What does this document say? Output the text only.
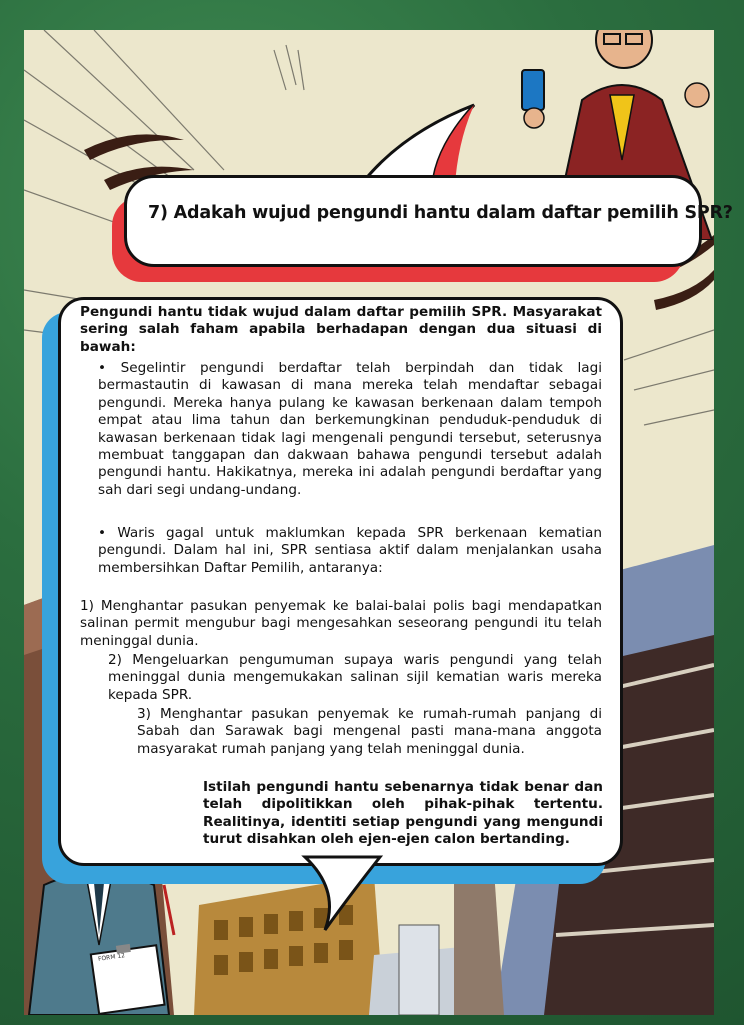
FORM 12
7) Adakah wujud pengundi hantu dalam daftar pemilih SPR?
Pengundi hantu tidak wujud dalam daftar pemilih SPR. Masyarakat sering salah faham apabila berhadapan dengan dua situasi di bawah:
• Segelintir pengundi berdaftar telah berpindah dan tidak lagi bermastautin di kawasan di mana mereka telah mendaftar sebagai pengundi. Mereka hanya pulang ke kawasan berkenaan dalam tempoh empat atau lima tahun dan berkemungkinan penduduk-penduduk di kawasan berkenaan tidak lagi mengenali pengundi tersebut, seterusnya membuat tanggapan dan dakwaan bahawa pengundi tersebut adalah pengundi hantu. Hakikatnya, mereka ini adalah pengundi berdaftar yang sah dari segi undang-undang.
• Waris gagal untuk maklumkan kepada SPR berkenaan kematian pengundi. Dalam hal ini, SPR sentiasa aktif dalam menjalankan usaha membersihkan Daftar Pemilih, antaranya:
1) Menghantar pasukan penyemak ke balai-balai polis bagi mendapatkan salinan permit mengubur bagi mengesahkan seseorang pengundi itu telah meninggal dunia.
2) Mengeluarkan pengumuman supaya waris pengundi yang telah meninggal dunia mengemukakan salinan sijil kematian waris mereka kepada SPR.
3) Menghantar pasukan penyemak ke rumah-rumah panjang di Sabah dan Sarawak bagi mengenal pasti mana-mana anggota masyarakat rumah panjang yang telah meninggal dunia.
Istilah pengundi hantu sebenarnya tidak benar dan telah dipolitikkan oleh pihak-pihak tertentu. Realitinya, identiti setiap pengundi yang mengundi turut disahkan oleh ejen-ejen calon bertanding.
